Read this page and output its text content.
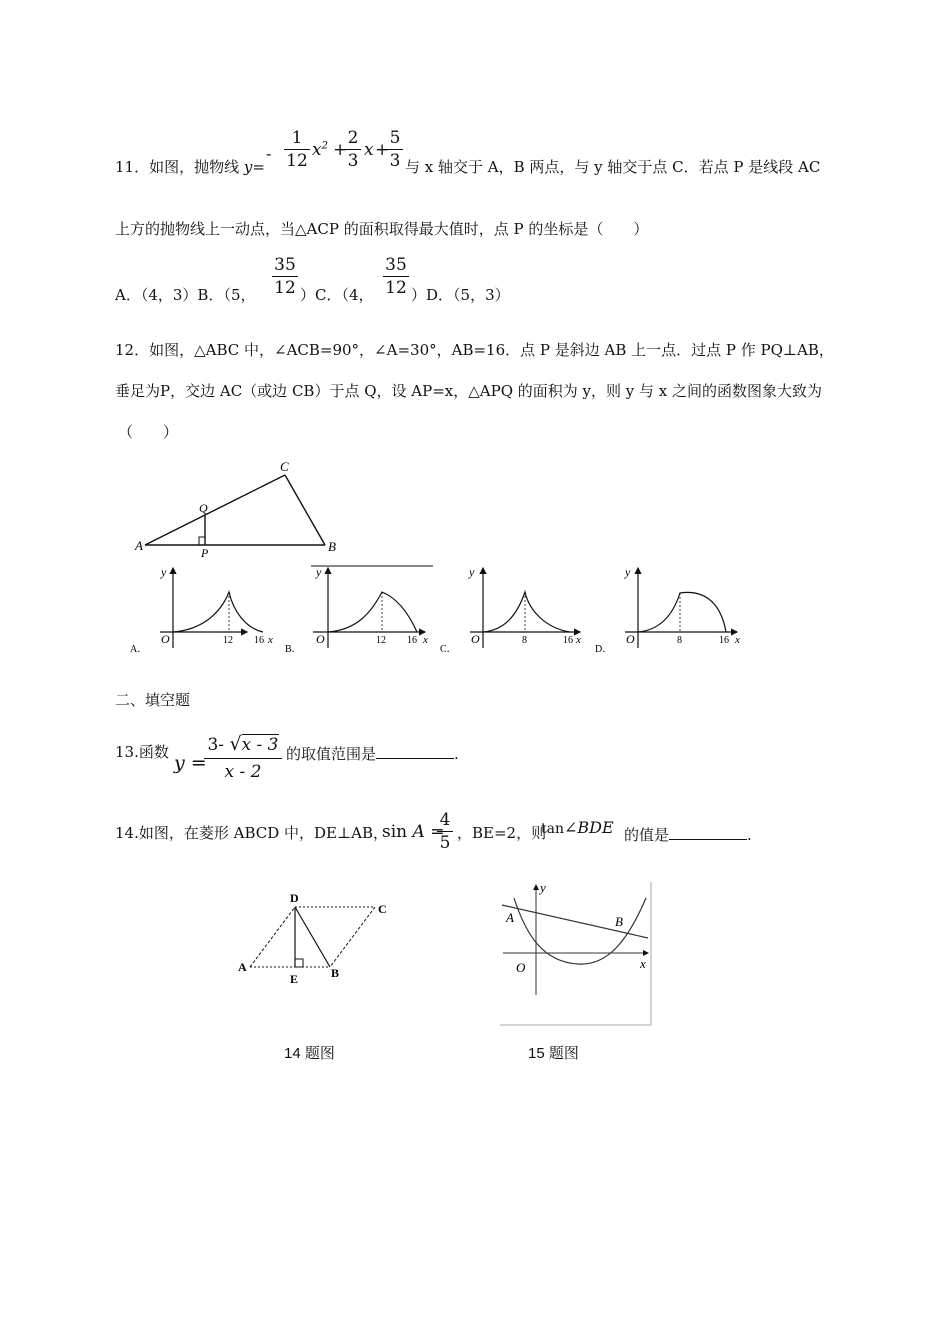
11．如图，抛物线 y=
-
1
12
$x^2$ +
2
3
x +
5
3 与 x 轴交于 A，B 两点，与 y 轴交于点 C．若点 P 是线段 AC
上方的抛物线上一动点，当△ACP 的面积取得最大值时，点 P 的坐标是（　　）
A．（4，3）B．（5，
35
12 ）C．（4，
35
12 ）D．（5，3）
12．如图，△ABC 中，∠ACB=90°，∠A=30°，AB=16．点 P 是斜边 AB 上一点．过点 P 作 PQ⊥AB，
垂足为P，交边 AC（或边 CB）于点 Q，设 AP=x，△APQ 的面积为 y，则 y 与 x 之间的函数图象大致为
（　　）
A	B
C
P
Q
y
O	12 16 x
A．
y
O	12 16 x
B．
y
O	8	16 x
C．
y
O	8	16 x
D．
二、填空题
13.函数 y =
3- √x - 3
x - 2
的取值范围是	.
14.如图，在菱形 ABCD 中，DE⊥AB，
sin A =
4
5 ，BE=2，则
tan∠BDE 的值是	.
A	B
C
D
E
14 题图
A	B
O	x
y
15 题图
